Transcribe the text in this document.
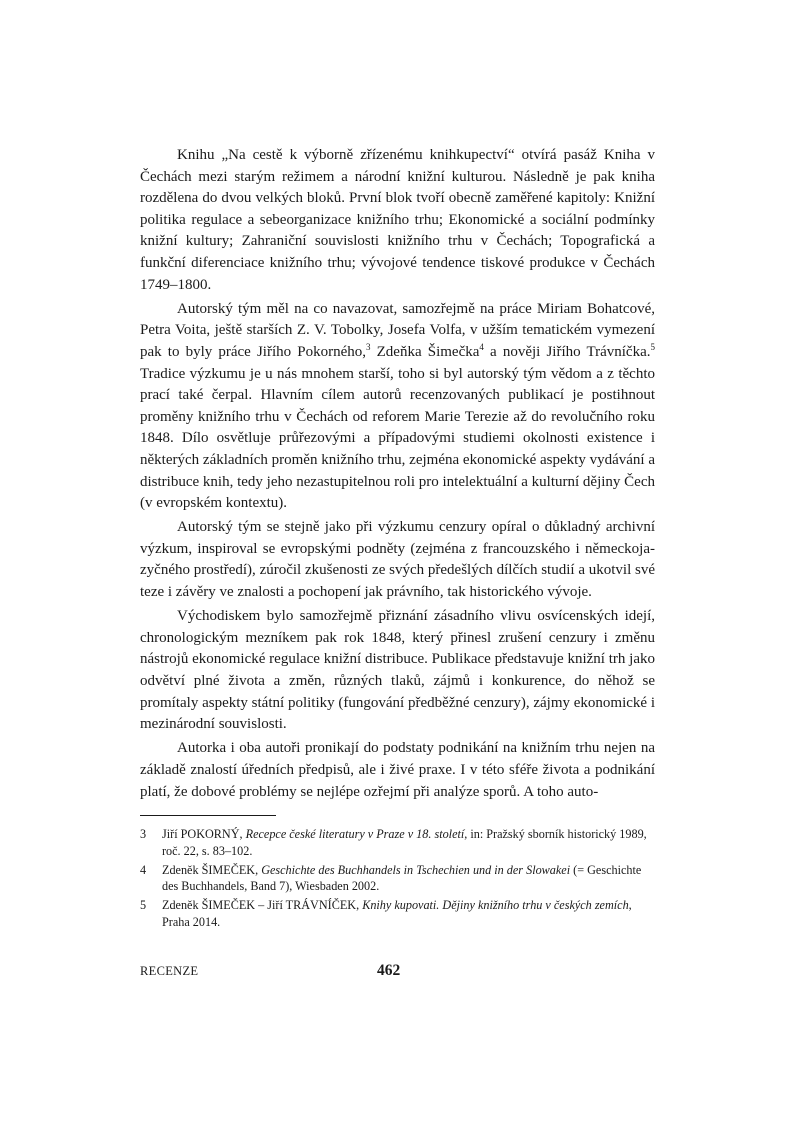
Knihu „Na cestě k výborně zřízenému knihkupectví“ otvírá pasáž Kniha v Čechách mezi starým režimem a národní knižní kulturou. Následně je pak kniha rozdělena do dvou velkých bloků. První blok tvoří obecně zaměřené kapitoly: Knižní politika regulace a sebeorganizace knižního trhu; Ekonomické a sociální podmínky knižní kultury; Zahraniční souvislosti knižního trhu v Čechách; Topografická a funkční diferenciace knižního trhu; vývojové tendence tiskové produkce v Čechách 1749–1800.

Autorský tým měl na co navazovat, samozřejmě na práce Miriam Bohatcové, Petra Voita, ještě starších Z. V. Tobolky, Josefa Volfa, v užším tematickém vymezení pak to byly práce Jiřího Pokorného,$^3$ Zdeňka Šimečka$^4$ a nověji Jiřího Trávníčka.$^5$ Tradice výzkumu je u nás mnohem starší, toho si byl autorský tým vědom a z těchto prací také čerpal. Hlavním cílem autorů recenzovaných publikací je postihnout proměny knižního trhu v Čechách od reforem Marie Terezie až do revolučního roku 1848. Dílo osvětluje průřezovými a případovými studiemi okolnosti existence i některých základních proměn knižního trhu, zejména ekonomické aspekty vydávání a distribuce knih, tedy jeho nezastupitelnou roli pro intelektuální a kulturní dějiny Čech (v evropském kontextu).

Autorský tým se stejně jako při výzkumu cenzury opíral o důkladný archivní výzkum, inspiroval se evropskými podněty (zejména z francouzského i německojazyčného prostředí), zúročil zkušenosti ze svých předešlých dílčích studií a ukotvil své teze i závěry ve znalosti a pochopení jak právního, tak historického vývoje.

Východiskem bylo samozřejmě přiznání zásadního vlivu osvícenských idejí, chronologickým mezníkem pak rok 1848, který přinesl zrušení cenzury i změnu nástrojů ekonomické regulace knižní distribuce. Publikace představuje knižní trh jako odvětví plné života a změn, různých tlaků, zájmů i konkurence, do něhož se promítaly aspekty státní politiky (fungování předběžné cenzury), zájmy ekonomické i mezinárodní souvislosti.

Autorka i oba autoři pronikají do podstaty podnikání na knižním trhu nejen na základě znalostí úředních předpisů, ale i živé praxe. I v této sféře života a podnikání platí, že dobové problémy se nejlépe ozřejmí při analýze sporů. A toho auto-

3	Jiří POKORNÝ, Recepce české literatury v Praze v 18. století, in: Pražský sborník historický 1989, roč. 22, s. 83–102.
4	Zdeněk ŠIMEČEK, Geschichte des Buchhandels in Tschechien und in der Slowakei (= Geschichte des Buchhandels, Band 7), Wiesbaden 2002.
5	Zdeněk ŠIMEČEK – Jiří TRÁVNÍČEK, Knihy kupovati. Dějiny knižního trhu v českých zemích, Praha 2014.
RECENZE	462
